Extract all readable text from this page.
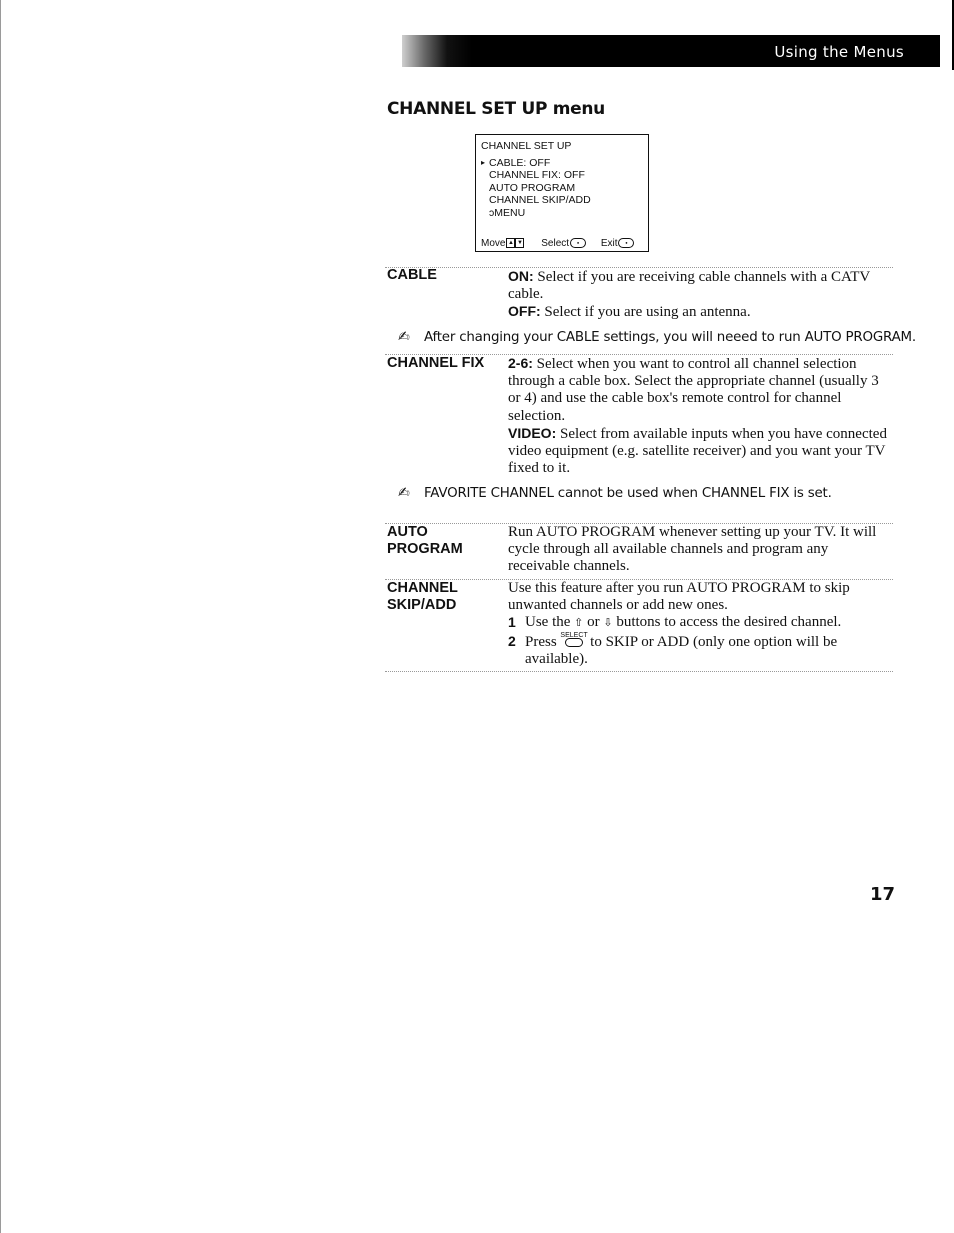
Using the Menus
CHANNEL SET UP menu
CHANNEL SET UP
▸ CABLE: OFF
CHANNEL FIX: OFF
AUTO PROGRAM
CHANNEL SKIP/ADD
ↄMENU
Move ▲ ▼ Select ● Exit ●
CABLE	ON: Select if you are receiving cable channels with a CATV cable.
OFF: Select if you are using an antenna.
✍ After changing your CABLE settings, you will neeed to run AUTO PROGRAM.
CHANNEL FIX 2-6: Select when you want to control all channel selection through a cable box. Select the appropriate channel (usually 3 or 4) and use the cable box's remote control for channel selection.
VIDEO: Select from available inputs when you have connected video equipment (e.g. satellite receiver) and you want your TV fixed to it.
✍ FAVORITE CHANNEL cannot be used when CHANNEL FIX is set.
AUTO
PROGRAM
Run AUTO PROGRAM whenever setting up your TV. It will cycle through all available channels and program any receivable channels.
CHANNEL
SKIP/ADD
Use this feature after you run AUTO PROGRAM to skip unwanted channels or add new ones.
1 Use the ⇧ or ⇩ buttons to access the desired channel.
2 Press SELECT to SKIP or ADD (only one option will be available).
17
